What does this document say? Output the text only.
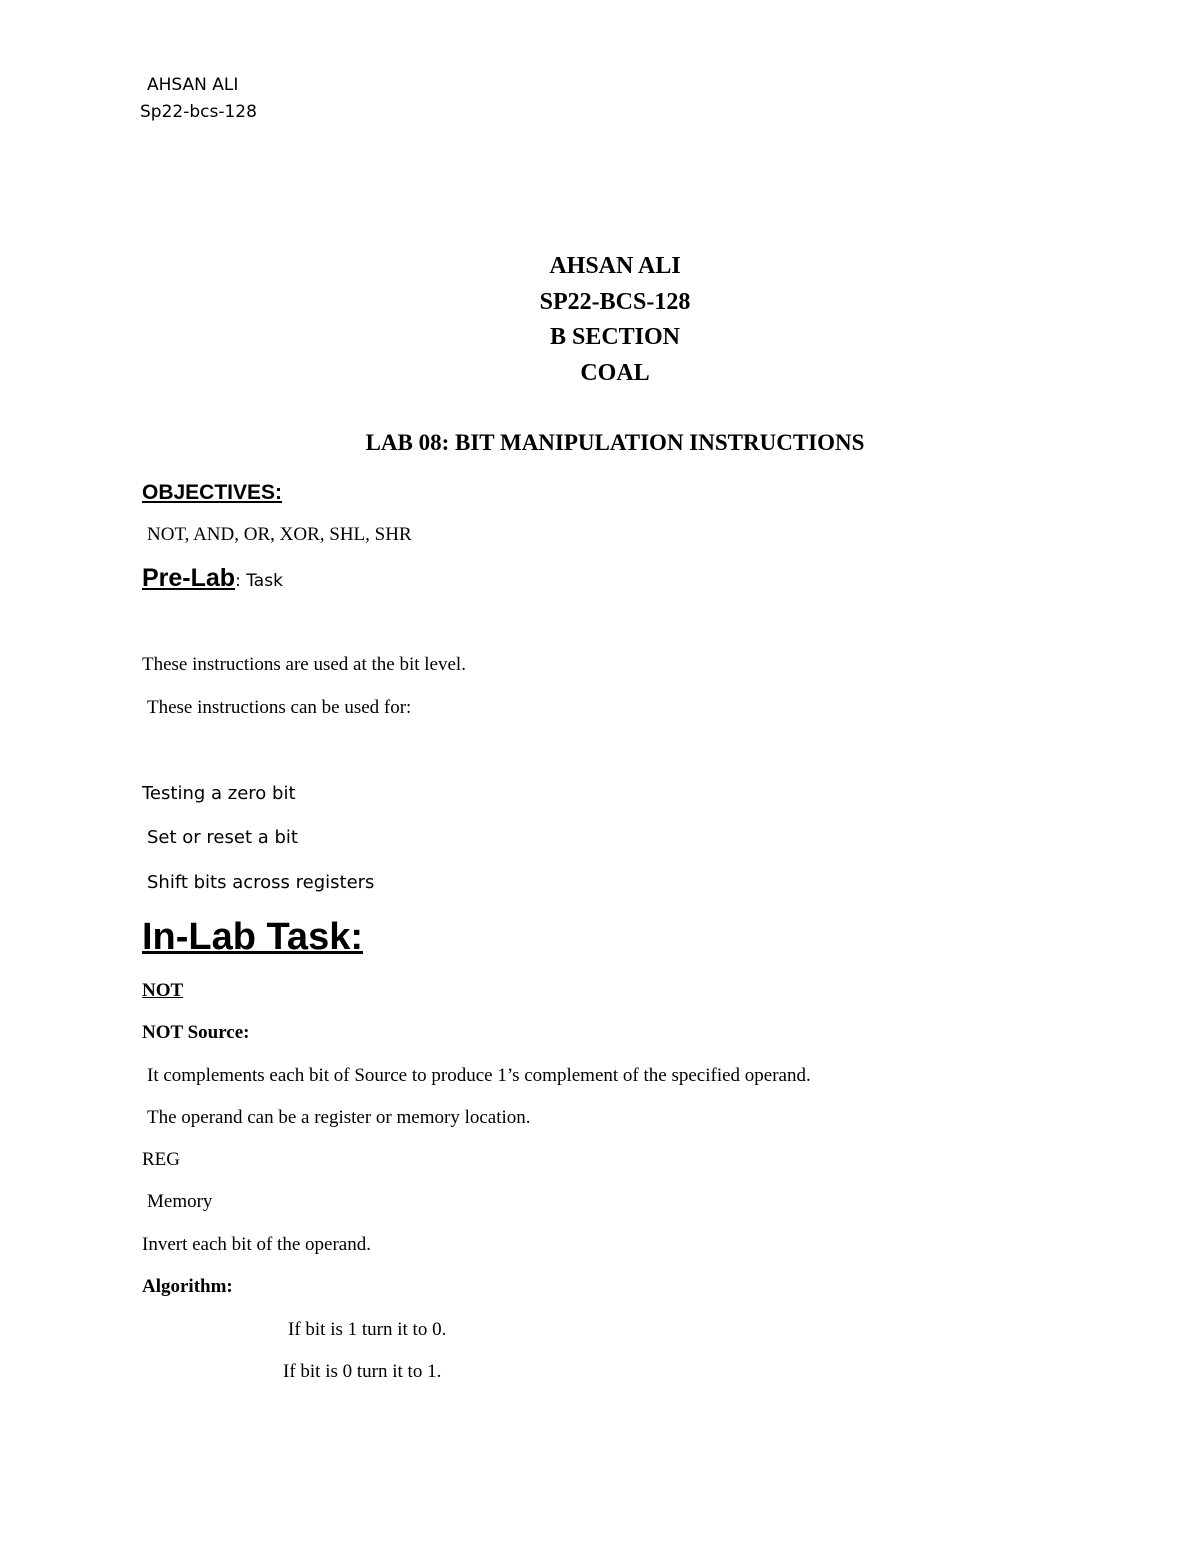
AHSAN ALI

Sp22-bcs-128

AHSAN ALI

SP22-BCS-128

B SECTION

COAL

LAB 08: BIT MANIPULATION INSTRUCTIONS

OBJECTIVES:

NOT, AND, OR, XOR, SHL, SHR

Pre-Lab: Task

These instructions are used at the bit level.

These instructions can be used for:

Testing a zero bit

Set or reset a bit

Shift bits across registers

In-Lab Task:

NOT

NOT Source:

It complements each bit of Source to produce 1’s complement of the specified operand.

The operand can be a register or memory location.

REG

Memory

Invert each bit of the operand.

Algorithm:

If bit is 1 turn it to 0.

If bit is 0 turn it to 1.
